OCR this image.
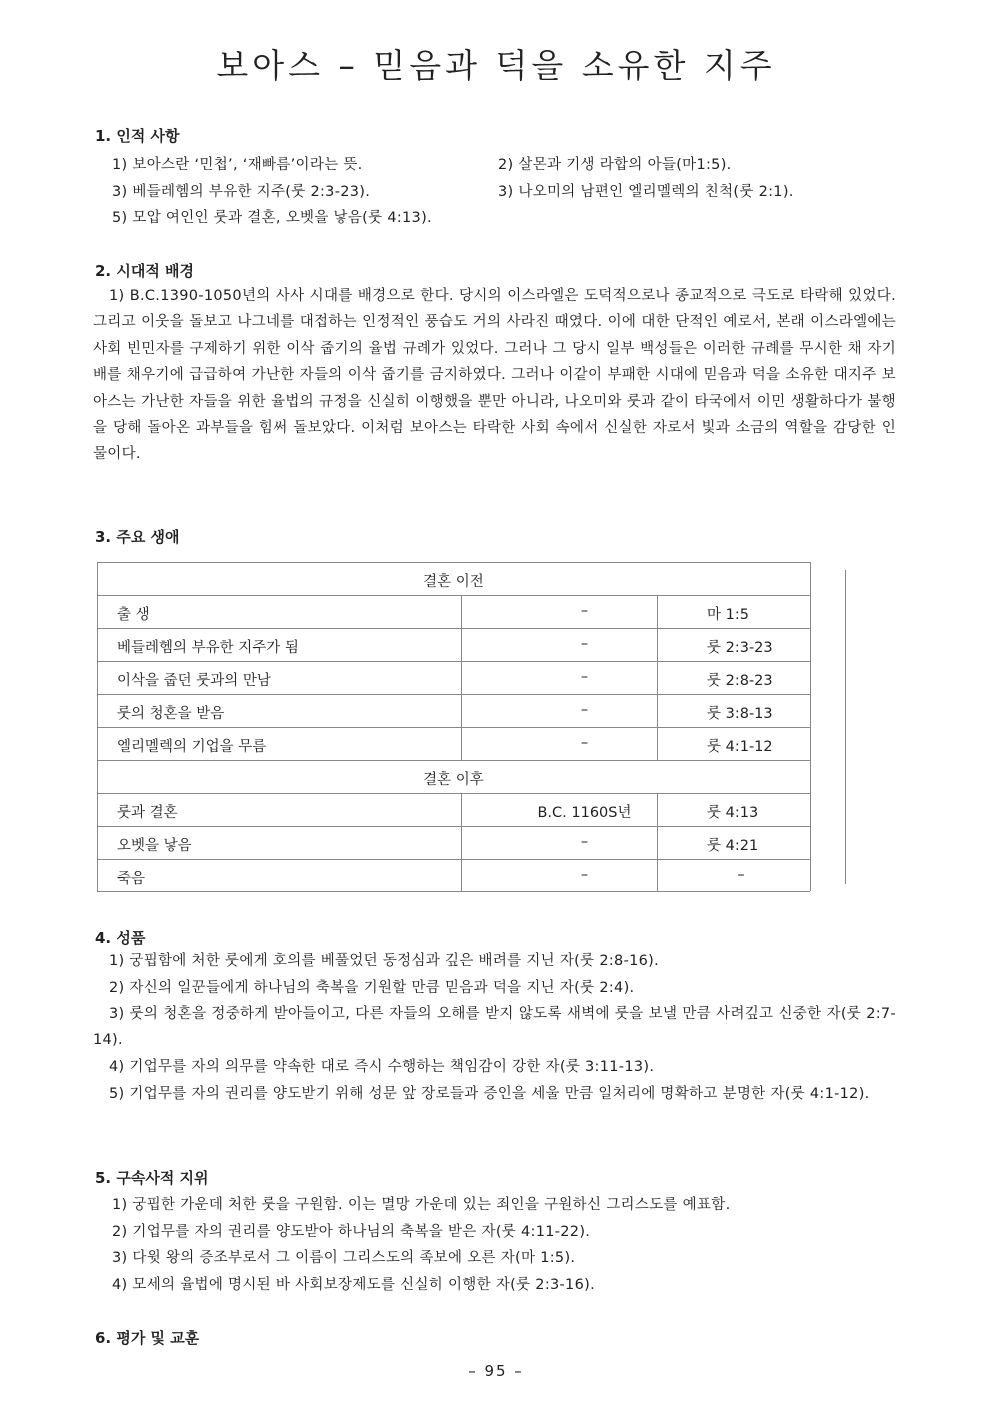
보아스 – 믿음과 덕을 소유한 지주
1. 인적 사항
1) 보아스란 ‘민첩’, ‘재빠름’이라는 뜻.	2) 살몬과 기생 라합의 아들(마1:5).
3) 베들레헴의 부유한 지주(룻 2:3-23).	3) 나오미의 남편인 엘리멜렉의 친척(룻 2:1).
5) 모압 여인인 룻과 결혼, 오벳을 낳음(룻 4:13).
2. 시대적 배경

1) B.C.1390-1050년의 사사 시대를 배경으로 한다. 당시의 이스라엘은 도덕적으로나 종교적으로 극도로 타락해 있었다. 그리고 이웃을 돌보고 나그네를 대접하는 인정적인 풍습도 거의 사라진 때였다. 이에 대한 단적인 예로서, 본래 이스라엘에는 사회 빈민자를 구제하기 위한 이삭 줍기의 율법 규례가 있었다. 그러나 그 당시 일부 백성들은 이러한 규례를 무시한 채 자기 배를 채우기에 급급하여 가난한 자들의 이삭 줍기를 금지하였다. 그러나 이같이 부패한 시대에 믿음과 덕을 소유한 대지주 보아스는 가난한 자들을 위한 율법의 규정을 신실히 이행했을 뿐만 아니라, 나오미와 룻과 같이 타국에서 이민 생활하다가 불행을 당해 돌아온 과부들을 힘써 돌보았다. 이처럼 보아스는 타락한 사회 속에서 신실한 자로서 빛과 소금의 역할을 감당한 인물이다.

3. 주요 생애
결혼 이전
출 생	–	마 1:5
베들레헴의 부유한 지주가 됨	–	룻 2:3-23
이삭을 줍던 룻과의 만남	–	룻 2:8-23
룻의 청혼을 받음	–	룻 3:8-13
엘리멜렉의 기업을 무름	–	룻 4:1-12
결혼 이후
룻과 결혼	B.C. 1160S년	룻 4:13
오벳을 낳음	–	룻 4:21
죽음	–	–
4. 성품

1) 궁핍함에 처한 룻에게 호의를 베풀었던 동정심과 깊은 배려를 지닌 자(룻 2:8-16).

2) 자신의 일꾼들에게 하나님의 축복을 기원할 만큼 믿음과 덕을 지닌 자(룻 2:4).

3) 룻의 청혼을 정중하게 받아들이고, 다른 자들의 오해를 받지 않도록 새벽에 룻을 보낼 만큼 사려깊고 신중한 자(룻 2:7-14).

4) 기업무를 자의 의무를 약속한 대로 즉시 수행하는 책임감이 강한 자(룻 3:11-13).

5) 기업무를 자의 권리를 양도받기 위해 성문 앞 장로들과 증인을 세울 만큼 일처리에 명확하고 분명한 자(룻 4:1-12).

5. 구속사적 지위
1) 궁핍한 가운데 처한 룻을 구원함. 이는 멸망 가운데 있는 죄인을 구원하신 그리스도를 예표함.
2) 기업무를 자의 권리를 양도받아 하나님의 축복을 받은 자(룻 4:11-22).
3) 다윗 왕의 증조부로서 그 이름이 그리스도의 족보에 오른 자(마 1:5).
4) 모세의 율법에 명시된 바 사회보장제도를 신실히 이행한 자(룻 2:3-16).
6. 평가 및 교훈
– 95 –
